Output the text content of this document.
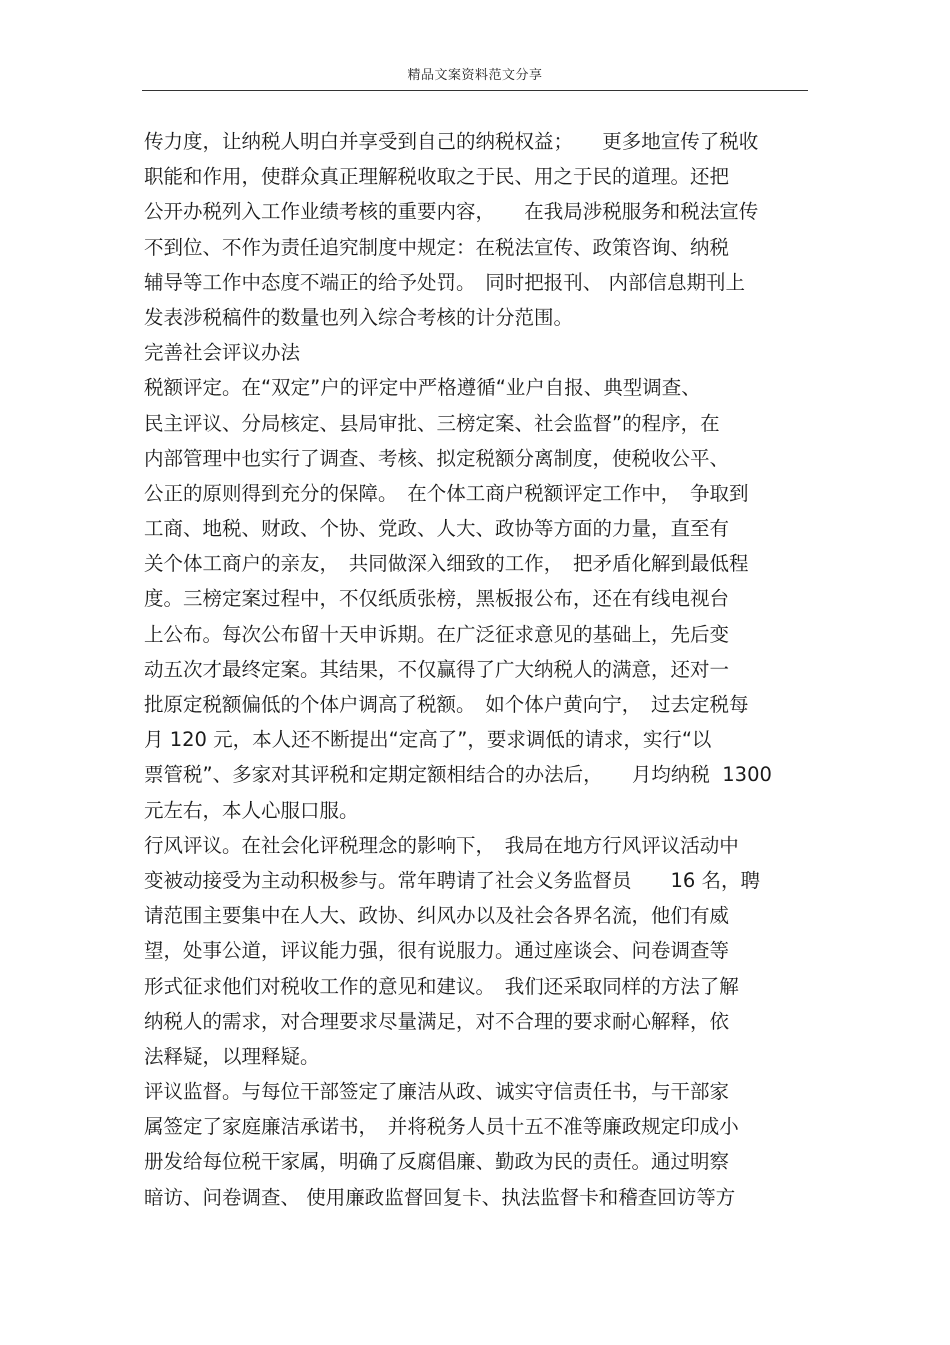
精品文案资料范文分享
传力度，让纳税人明白并享受到自己的纳税权益；　　更多地宣传了税收
职能和作用，使群众真正理解税收取之于民、用之于民的道理。还把
公开办税列入工作业绩考核的重要内容，　　在我局涉税服务和税法宣传
不到位、不作为责任追究制度中规定：在税法宣传、政策咨询、纳税
辅导等工作中态度不端正的给予处罚。　同时把报刊、 内部信息期刊上
发表涉税稿件的数量也列入综合考核的计分范围。
完善社会评议办法
税额评定。在“双定”户的评定中严格遵循“业户自报、典型调查、
民主评议、分局核定、县局审批、三榜定案、社会监督”的程序，在
内部管理中也实行了调查、考核、拟定税额分离制度，使税收公平、
公正的原则得到充分的保障。　在个体工商户税额评定工作中，　争取到
工商、地税、财政、个协、党政、人大、政协等方面的力量，直至有
关个体工商户的亲友，　共同做深入细致的工作，　把矛盾化解到最低程
度。三榜定案过程中，不仅纸质张榜，黑板报公布，还在有线电视台
上公布。每次公布留十天申诉期。在广泛征求意见的基础上，先后变
动五次才最终定案。其结果，不仅赢得了广大纳税人的满意，还对一
批原定税额偏低的个体户调高了税额。　如个体户黄向宁，　过去定税每
月 120 元，本人还不断提出“定高了”，要求调低的请求，实行“以
票管税”、多家对其评税和定期定额相结合的办法后，　　月均纳税  1300
元左右，本人心服口服。
行风评议。在社会化评税理念的影响下，　我局在地方行风评议活动中
变被动接受为主动积极参与。常年聘请了社会义务监督员　　16 名，聘
请范围主要集中在人大、政协、纠风办以及社会各界名流，他们有威
望，处事公道，评议能力强，很有说服力。通过座谈会、问卷调查等
形式征求他们对税收工作的意见和建议。　我们还采取同样的方法了解
纳税人的需求，对合理要求尽量满足，对不合理的要求耐心解释，依
法释疑，以理释疑。
评议监督。与每位干部签定了廉洁从政、诚实守信责任书，与干部家
属签定了家庭廉洁承诺书，　并将税务人员十五不准等廉政规定印成小
册发给每位税干家属，明确了反腐倡廉、勤政为民的责任。通过明察
暗访、问卷调查、 使用廉政监督回复卡、执法监督卡和稽查回访等方
